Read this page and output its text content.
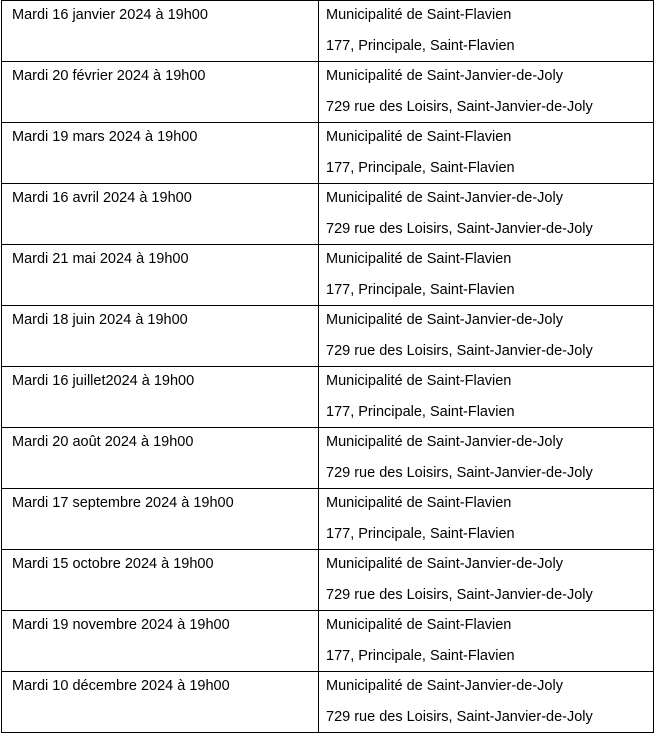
Mardi 16 janvier 2024 à 19h00	Municipalité de Saint-Flavien
177, Principale, Saint-Flavien

Mardi 20 février 2024 à 19h00	Municipalité de Saint-Janvier-de-Joly
729 rue des Loisirs, Saint-Janvier-de-Joly

Mardi 19 mars 2024 à 19h00	Municipalité de Saint-Flavien
177, Principale, Saint-Flavien

Mardi 16 avril 2024 à 19h00	Municipalité de Saint-Janvier-de-Joly
729 rue des Loisirs, Saint-Janvier-de-Joly

Mardi 21 mai 2024 à 19h00	Municipalité de Saint-Flavien
177, Principale, Saint-Flavien

Mardi 18 juin 2024 à 19h00	Municipalité de Saint-Janvier-de-Joly
729 rue des Loisirs, Saint-Janvier-de-Joly

Mardi 16 juillet2024 à 19h00	Municipalité de Saint-Flavien
177, Principale, Saint-Flavien

Mardi 20 août 2024 à 19h00	Municipalité de Saint-Janvier-de-Joly
729 rue des Loisirs, Saint-Janvier-de-Joly

Mardi 17 septembre 2024 à 19h00	Municipalité de Saint-Flavien
177, Principale, Saint-Flavien

Mardi 15 octobre 2024 à 19h00	Municipalité de Saint-Janvier-de-Joly
729 rue des Loisirs, Saint-Janvier-de-Joly

Mardi 19 novembre 2024 à 19h00	Municipalité de Saint-Flavien
177, Principale, Saint-Flavien

Mardi 10 décembre 2024 à 19h00	Municipalité de Saint-Janvier-de-Joly
729 rue des Loisirs, Saint-Janvier-de-Joly
